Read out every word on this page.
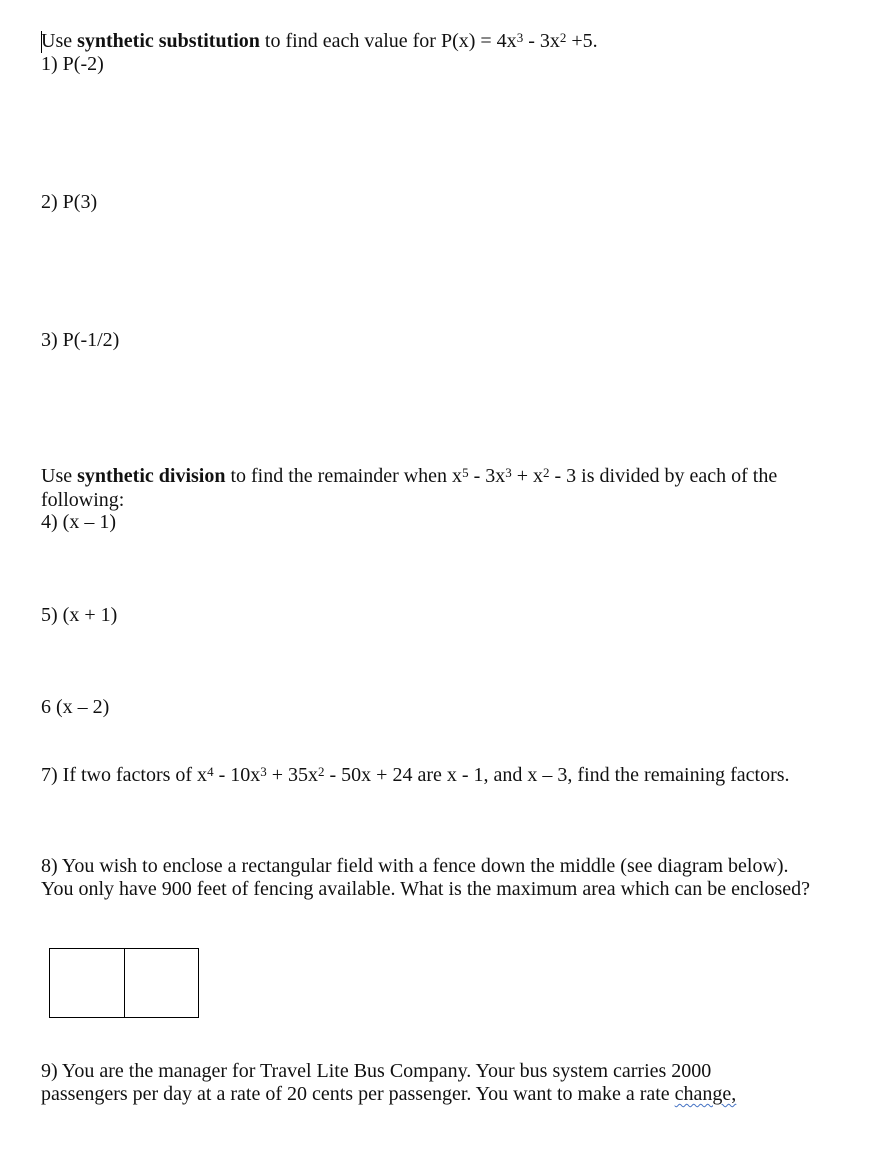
Use synthetic substitution to find each value for $P(x) = 4x^3 - 3x^2 +5$.
1) P(-2)
2) P(3)
3) P(-1/2)
Use synthetic division to find the remainder when $x^5 - 3x^3 + x^2 - 3$ is divided by each of the following:
4) (x – 1)
5) (x + 1)
6 (x – 2)
7) If two factors of $x^4 - 10x^3 + 35x^2 - 50x + 24$ are x - 1, and x – 3, find the remaining factors.
8) You wish to enclose a rectangular field with a fence down the middle (see diagram below). You only have 900 feet of fencing available. What is the maximum area which can be enclosed?
9) You are the manager for Travel Lite Bus Company. Your bus system carries 2000
passengers per day at a rate of 20 cents per passenger. You want to make a rate change,
